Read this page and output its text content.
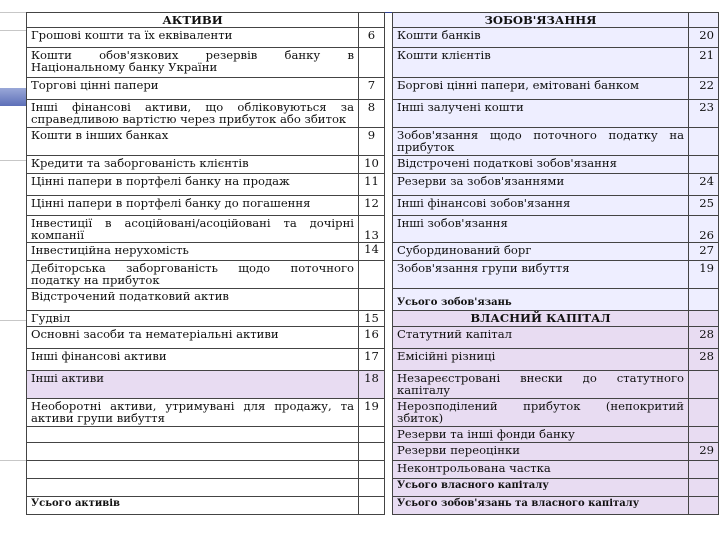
АКТИВИ			ЗОБОВ'ЯЗАННЯ	
Грошові кошти та їх еквіваленти	6		Кошти банків	20

Кошти обов'язкових резервів банку в
Національному банку України			Кошти клієнтів	21
Торгові цінні папери	7		Боргові цінні папери, емітовані банком	22

Інші фінансові активи, що обліковуються за
справедливою вартістю через прибуток або збиток	8		Інші залучені кошти	23
Кошти в інших банках	9		Зобов'язання щодо поточного податку на
прибуток	
Кредити та заборгованість клієнтів	10		Відстрочені податкові зобов'язання	
Цінні папери в портфелі банку на продаж	11		Резерви за зобов'язаннями	24
Цінні папери в портфелі банку до погашення	12		Інші фінансові зобов'язання	25

Інвестиції в асоційовані/асоційовані та дочірні
компанії	13		Інші зобов'язання	26
Інвестиційна нерухомість	14		Субординований борг	27

Дебіторська заборгованість щодо поточного
податку на прибуток			Зобов'язання групи вибуття	19
Відстрочений податковий актив			Усього зобов'язань	
Гудвіл	15		ВЛАСНИЙ КАПІТАЛ	
Основні засоби та нематеріальні активи	16		Статутний капітал	28
Інші фінансові активи	17		Емісійні різниці	28
Інші активи	18		Незареєстровані внески до статутного
капіталу	

Необоротні активи, утримувані для продажу, та
активи групи вибуття	19		Нерозподілений прибуток (непокритий
збиток)	
			Резерви та інші фонди банку	
			Резерви переоцінки	29
			Неконтрольована частка	
			Усього власного капіталу	
Усього активів			Усього зобов'язань та власного капіталу	
